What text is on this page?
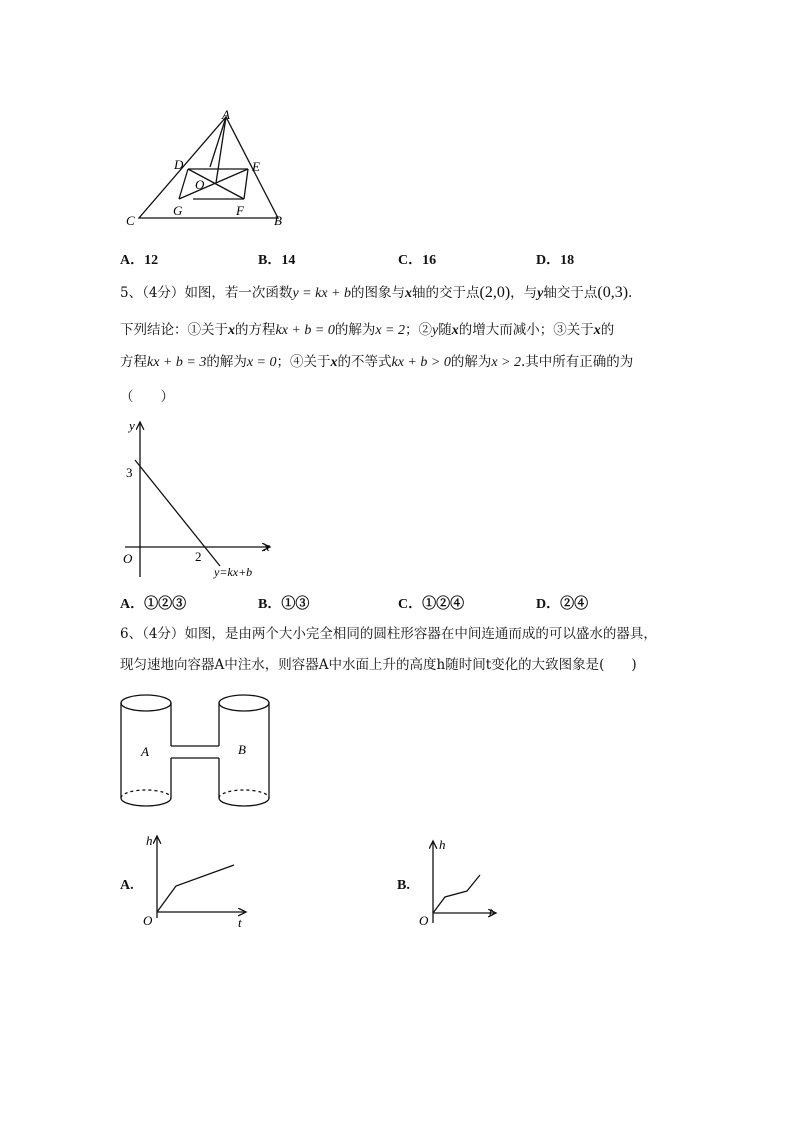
A
D	E
O
G	F
C	B
A．12	B．14	C．16	D．18
5、（4分）如图，若一次函数y = kx + b的图象与x轴的交于点(2,0)，与y轴交于点(0,3).
下列结论：①关于x的方程kx + b = 0的解为x = 2；②y随x的增大而减小；③关于x的
方程kx + b = 3的解为x = 0；④关于x的不等式kx + b > 0的解为x > 2.其中所有正确的为
（　　）
y
x
O
3
2
y=kx+b
A．①②③	B．①③	C．①②④	D．②④
6、（4分）如图，是由两个大小完全相同的圆柱形容器在中间连通而成的可以盛水的器具，
现匀速地向容器A中注水，则容器A中水面上升的高度h随时间t变化的大致图象是(　　)
A	B
A.
h
t
O
B.
h
t
O
